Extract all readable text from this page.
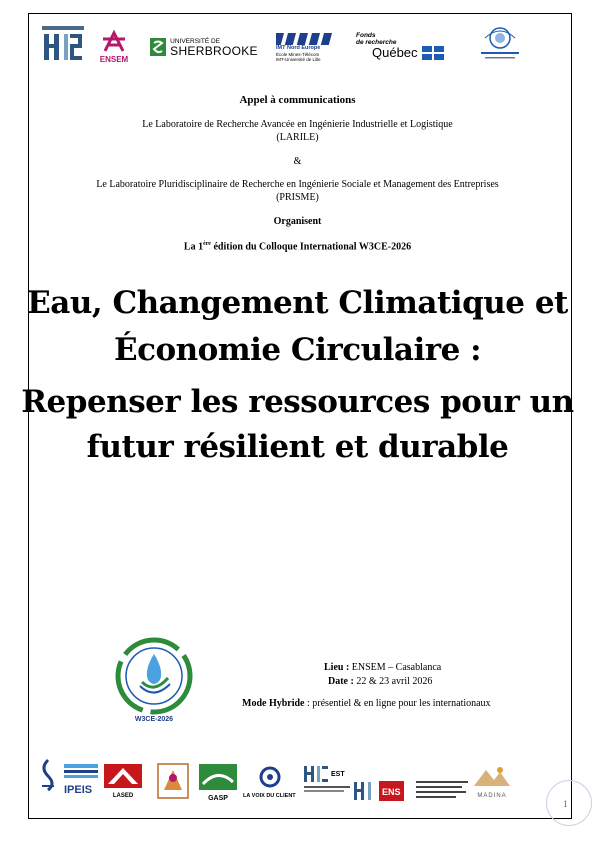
ENSEM
UNIVERSITÉ DE
SHERBROOKE	IMT Nord Europe
École Mines-Télécom
IMT-Université de Lille
Fonds
de recherche
Québec
Appel à communications
Le Laboratoire de Recherche Avancée en Ingénierie Industrielle et Logistique
(LARILE)
&
Le Laboratoire Pluridisciplinaire de Recherche en Ingénierie Sociale et Management des Entreprises
(PRISME)
Organisent
La 1ère édition du Colloque International W3CE-2026
Eau, Changement Climatique et
Économie Circulaire :
Repenser les ressources pour un
futur résilient et durable
W3CE-2026
Lieu : ENSEM – Casablanca
Date : 22 & 23 avril 2026
Mode Hybride : présentiel & en ligne pour les internationaux
IPEIS	LASED	GASP	LA VOIX DU CLIENT
EST
ENS	MADINA
1
